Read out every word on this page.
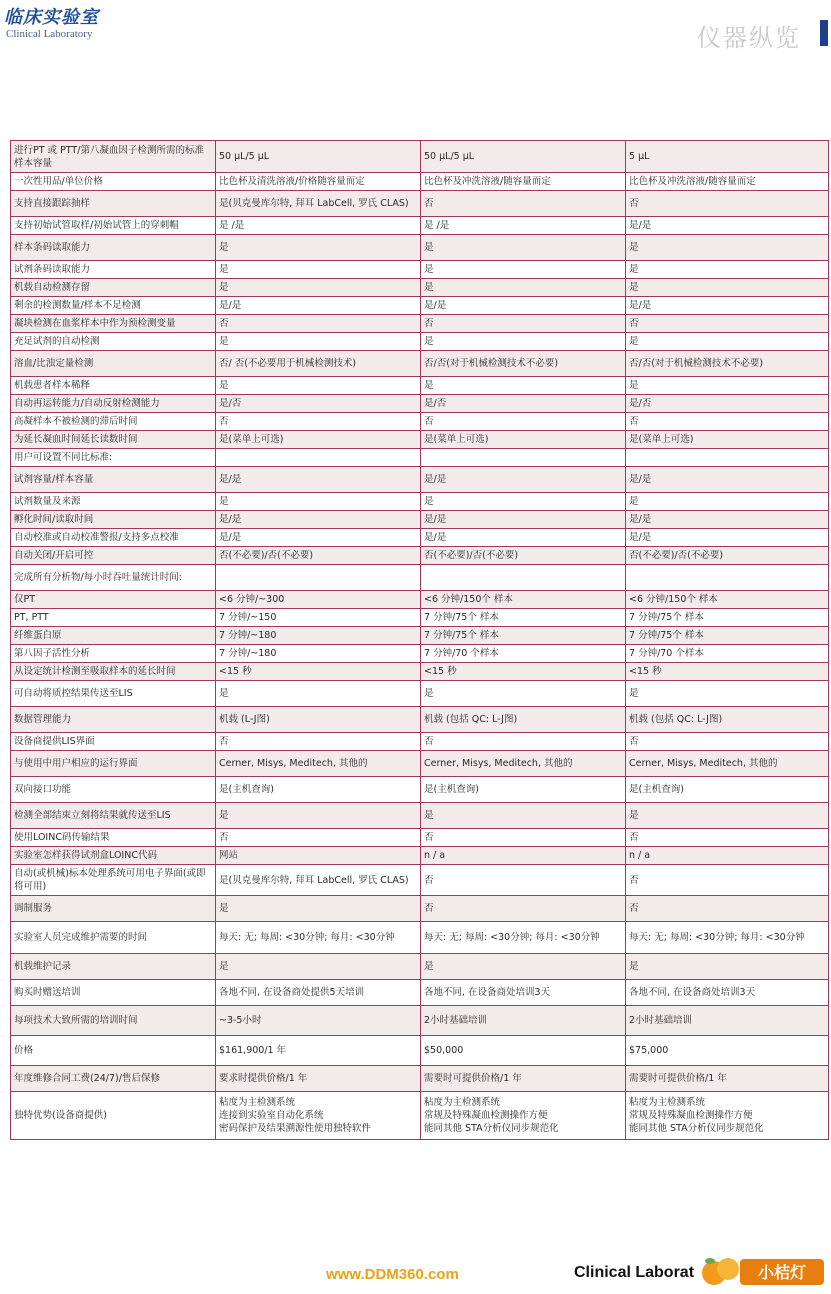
临床实验室
Clinical Laboratory	仪器纵览
进行PT 或 PTT/第八凝血因子检测所需的标准样本容量	50 μL/5 μL	50 μL/5 μL	5 μL
一次性用品/单位价格	比色杯及清洗溶液/价格随容量而定	比色杯及冲洗溶液/随容量而定	比色杯及冲洗溶液/随容量而定
支持直接跟踪抽样	是(贝克曼库尔特, 拜耳 LabCell, 罗氏 CLAS)	否	否
支持初始试管取样/初始试管上的穿刺帽	是 /是	是 /是	是/是
样本条码读取能力	是	是	是
试剂条码读取能力	是	是	是
机载自动检测存留	是	是	是
剩余的检测数量/样本不足检测	是/是	是/是	是/是
凝块检测在血浆样本中作为预检测变量	否	否	否
充足试剂的自动检测	是	是	是
溶血/比浊定量检测	否/ 否(不必要用于机械检测技术)	否/否(对于机械检测技术不必要)	否/否(对于机械检测技术不必要)
机载患者样本稀释	是	是	是
自动再运转能力/自动反射检测能力	是/否	是/否	是/否
高凝样本不被检测的滞后时间	否	否	否
为延长凝血时间延长读数时间	是(菜单上可选)	是(菜单上可选)	是(菜单上可选)
用户可设置不同比标准:			
试剂容量/样本容量	是/是	是/是	是/是
试剂数量及来源	是	是	是
孵化时间/读取时间	是/是	是/是	是/是
自动校准或自动校准警报/支持多点校准	是/是	是/是	是/是
自动关闭/开启可控	否(不必要)/否(不必要)	否(不必要)/否(不必要)	否(不必要)/否(不必要)
完成所有分析物/每小时吞吐量统计时间:			
仅PT	<6 分钟/~300	<6 分钟/150个 样本	<6 分钟/150个 样本
PT, PTT	7 分钟/~150	7 分钟/75个 样本	7 分钟/75个 样本
纤维蛋白原	7 分钟/~180	7 分钟/75个 样本	7 分钟/75个 样本
第八因子活性分析	7 分钟/~180	7 分钟/70 个样本	7 分钟/70 个样本
从设定统计检测至吸取样本的延长时间	<15 秒	<15 秒	<15 秒
可自动将质控结果传送至LIS	是	是	是
数据管理能力	机载 (L-J图)	机载 (包括 QC: L-J图)	机载 (包括 QC: L-J图)
设备商提供LIS界面	否	否	否
与使用中用户相应的运行界面	Cerner, Misys, Meditech, 其他的	Cerner, Misys, Meditech, 其他的	Cerner, Misys, Meditech, 其他的
双向接口功能	是(主机查询)	是(主机查询)	是(主机查询)
检测全部结束立刻将结果就传送至LIS	是	是	是
使用LOINC码传输结果	否	否	否
实验室怎样获得试剂盒LOINC代码	网站	n / a	n / a
自动(或机械)标本处理系统可用电子界面(或即将可用)	是(贝克曼库尔特, 拜耳 LabCell, 罗氏 CLAS)	否	否
调制服务	是	否	否
实验室人员完成维护需要的时间	每天: 无; 每周: <30分钟; 每月: <30分钟	每天: 无; 每周: <30分钟; 每月: <30分钟	每天: 无; 每周: <30分钟; 每月: <30分钟
机载维护记录	是	是	是
购买时赠送培训	各地不同, 在设备商处提供5天培训	各地不同, 在设备商处培训3天	各地不同, 在设备商处培训3天
每项技术大致所需的培训时间	~3-5小时	2小时基础培训	2小时基础培训
价格	$161,900/1 年	$50,000	$75,000
年度维修合同工费(24/7)/售后保修	要求时提供价格/1 年	需要时可提供价格/1 年	需要时可提供价格/1 年
独特优势(设备商提供)	粘度为主检测系统
连接到实验室自动化系统
密码保护及结果溯源性使用独特软件	粘度为主检测系统
常规及特殊凝血检测操作方便
能同其他 STA分析仪同步规范化	粘度为主检测系统
常规及特殊凝血检测操作方便
能同其他 STA分析仪同步规范化
www.DDM360.com	Clinical Laborat	小桔灯
